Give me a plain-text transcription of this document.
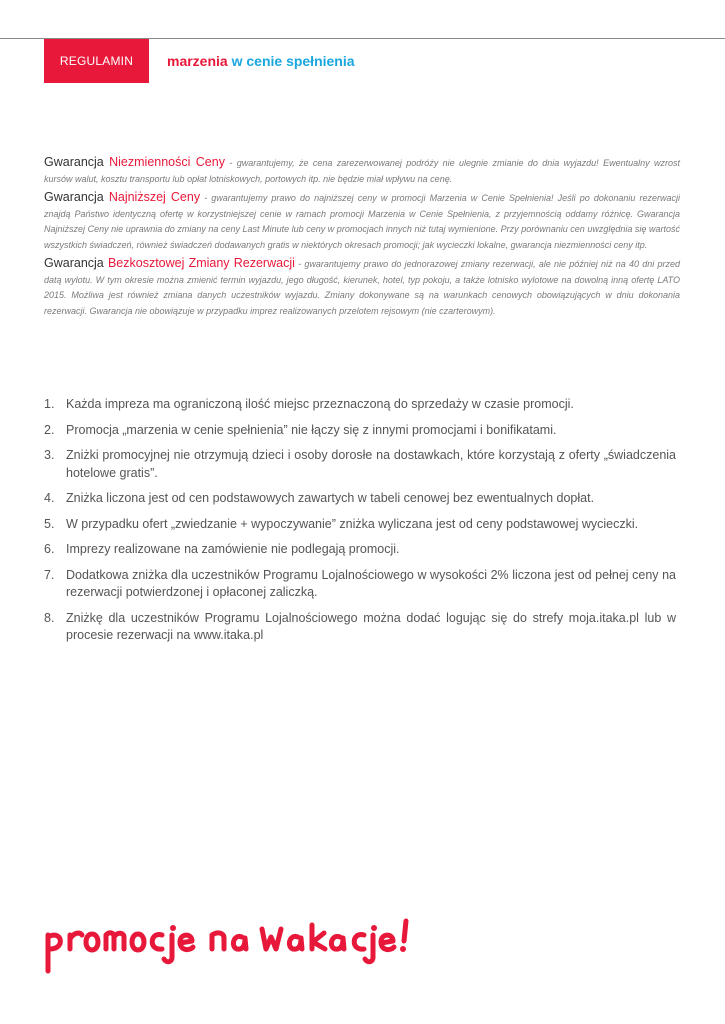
REGULAMIN marzenia w cenie spełnienia

Gwarancja Niezmienności Ceny - gwarantujemy, że cena zarezerwowanej podróży nie ulegnie zmianie do dnia wyjazdu! Ewentualny wzrost kursów walut, kosztu transportu lub opłat lotniskowych, portowych itp. nie będzie miał wpływu na cenę.

Gwarancja Najniższej Ceny - gwarantujemy prawo do najniższej ceny w promocji Marzenia w Cenie Spełnienia! Jeśli po dokonaniu rezerwacji znajdą Państwo identyczną ofertę w korzystniejszej cenie w ramach promocji Marzenia w Cenie Spełnienia, z przyjemnością oddamy różnicę. Gwarancja Najniższej Ceny nie uprawnia do zmiany na ceny Last Minute lub ceny w promocjach innych niż tutaj wymienione. Przy porównaniu cen uwzględnia się wartość wszystkich świadczeń, również świadczeń dodawanych gratis w niektórych okresach promocji; jak wycieczki lokalne, gwarancja niezmienności ceny itp.

Gwarancja Bezkosztowej Zmiany Rezerwacji - gwarantujemy prawo do jednorazowej zmiany rezerwacji, ale nie później niż na 40 dni przed datą wylotu. W tym okresie można zmienić termin wyjazdu, jego długość, kierunek, hotel, typ pokoju, a także lotnisko wylotowe na dowolną inną ofertę LATO 2015. Możliwa jest również zmiana danych uczestników wyjazdu. Zmiany dokonywane są na warunkach cenowych obowiązujących w dniu dokonania rezerwacji. Gwarancja nie obowiązuje w przypadku imprez realizowanych przelotem rejsowym (nie czarterowym).

1. Każda impreza ma ograniczoną ilość miejsc przeznaczoną do sprzedaży w czasie promocji.
2. Promocja „marzenia w cenie spełnienia” nie łączy się z innymi promocjami i bonifikatami.
3. Zniżki promocyjnej nie otrzymują dzieci i osoby dorosłe na dostawkach, które korzystają z oferty „świadczenia hotelowe gratis”.
4. Zniżka liczona jest od cen podstawowych zawartych w tabeli cenowej bez ewentualnych dopłat.
5. W przypadku ofert „zwiedzanie + wypoczywanie” zniżka wyliczana jest od ceny podstawowej wycieczki.
6. Imprezy realizowane na zamówienie nie podlegają promocji.
7. Dodatkowa zniżka dla uczestników Programu Lojalnościowego w wysokości 2% liczona jest od pełnej ceny na rezerwacji potwierdzonej i opłaconej zaliczką.
8. Zniżkę dla uczestników Programu Lojalnościowego można dodać logując się do strefy moja.itaka.pl lub w procesie rezerwacji na www.itaka.pl
